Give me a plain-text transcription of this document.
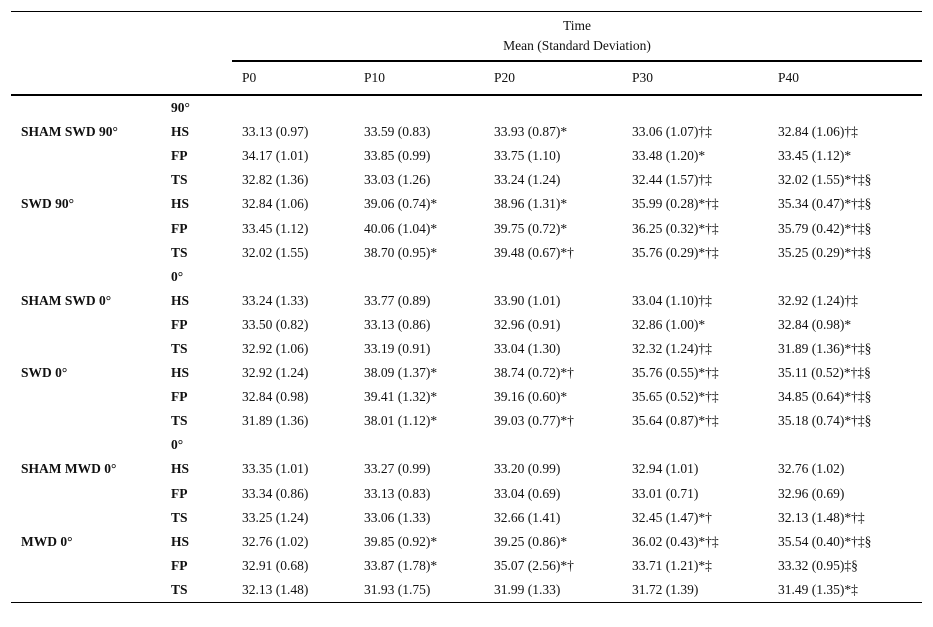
		Time
Mean (Standard Deviation)				

		P0	P10	P20	P30	P40
	90°					
SHAM SWD 90°	HS	33.13 (0.97)	33.59 (0.83)	33.93 (0.87)*	33.06 (1.07)†‡	32.84 (1.06)†‡
	FP	34.17 (1.01)	33.85 (0.99)	33.75 (1.10)	33.48 (1.20)*	33.45 (1.12)*
	TS	32.82 (1.36)	33.03 (1.26)	33.24 (1.24)	32.44 (1.57)†‡	32.02 (1.55)*†‡§
SWD 90°	HS	32.84 (1.06)	39.06 (0.74)*	38.96 (1.31)*	35.99 (0.28)*†‡	35.34 (0.47)*†‡§
	FP	33.45 (1.12)	40.06 (1.04)*	39.75 (0.72)*	36.25 (0.32)*†‡	35.79 (0.42)*†‡§
	TS	32.02 (1.55)	38.70 (0.95)*	39.48 (0.67)*†	35.76 (0.29)*†‡	35.25 (0.29)*†‡§
	0°					
SHAM SWD 0°	HS	33.24 (1.33)	33.77 (0.89)	33.90 (1.01)	33.04 (1.10)†‡	32.92 (1.24)†‡
	FP	33.50 (0.82)	33.13 (0.86)	32.96 (0.91)	32.86 (1.00)*	32.84 (0.98)*
	TS	32.92 (1.06)	33.19 (0.91)	33.04 (1.30)	32.32 (1.24)†‡	31.89 (1.36)*†‡§
SWD 0°	HS	32.92 (1.24)	38.09 (1.37)*	38.74 (0.72)*†	35.76 (0.55)*†‡	35.11 (0.52)*†‡§
	FP	32.84 (0.98)	39.41 (1.32)*	39.16 (0.60)*	35.65 (0.52)*†‡	34.85 (0.64)*†‡§
	TS	31.89 (1.36)	38.01 (1.12)*	39.03 (0.77)*†	35.64 (0.87)*†‡	35.18 (0.74)*†‡§
	0°					
SHAM MWD 0°	HS	33.35 (1.01)	33.27 (0.99)	33.20 (0.99)	32.94 (1.01)	32.76 (1.02)
	FP	33.34 (0.86)	33.13 (0.83)	33.04 (0.69)	33.01 (0.71)	32.96 (0.69)
	TS	33.25 (1.24)	33.06 (1.33)	32.66 (1.41)	32.45 (1.47)*†	32.13 (1.48)*†‡
MWD 0°	HS	32.76 (1.02)	39.85 (0.92)*	39.25 (0.86)*	36.02 (0.43)*†‡	35.54 (0.40)*†‡§
	FP	32.91 (0.68)	33.87 (1.78)*	35.07 (2.56)*†	33.71 (1.21)*‡	33.32 (0.95)‡§
	TS	32.13 (1.48)	31.93 (1.75)	31.99 (1.33)	31.72 (1.39)	31.49 (1.35)*‡
